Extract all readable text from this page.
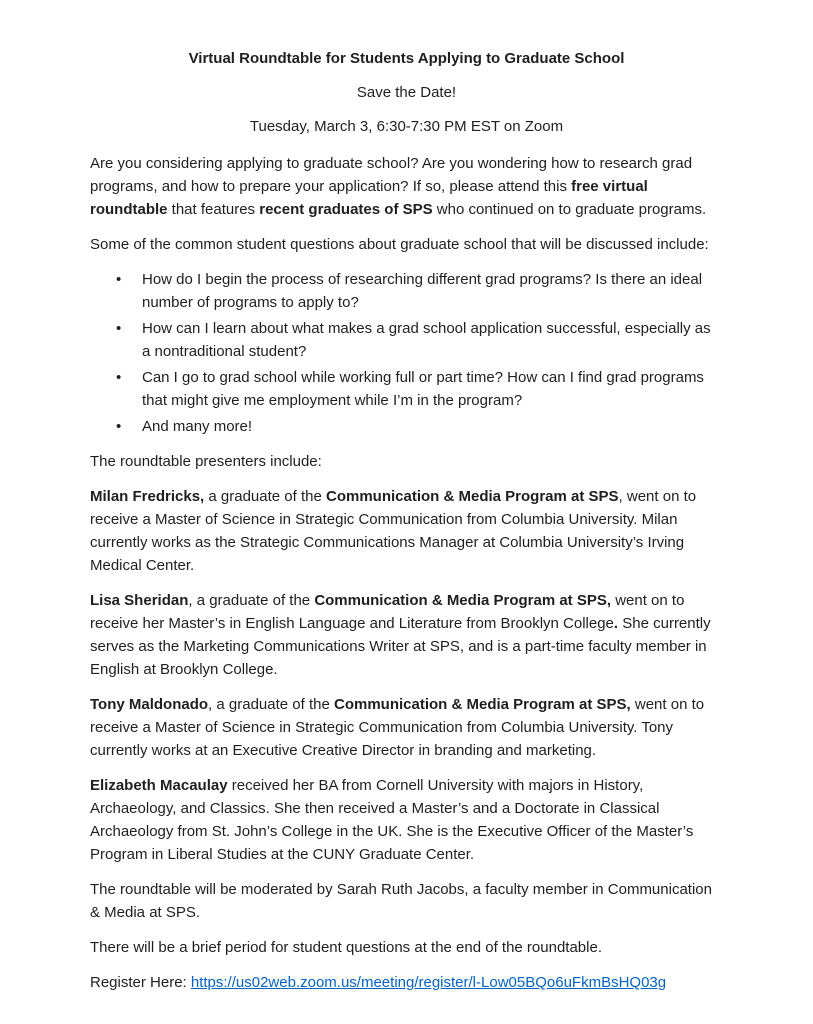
Virtual Roundtable for Students Applying to Graduate School

Save the Date!

Tuesday, March 3, 6:30-7:30 PM EST on Zoom

Are you considering applying to graduate school? Are you wondering how to research grad programs, and how to prepare your application? If so, please attend this free virtual roundtable that features recent graduates of SPS who continued on to graduate programs.

Some of the common student questions about graduate school that will be discussed include:

• How do I begin the process of researching different grad programs? Is there an ideal number of programs to apply to?
• How can I learn about what makes a grad school application successful, especially as a nontraditional student?
• Can I go to grad school while working full or part time? How can I find grad programs that might give me employment while I’m in the program?
• And many more!

The roundtable presenters include:

Milan Fredricks, a graduate of the Communication & Media Program at SPS, went on to receive a Master of Science in Strategic Communication from Columbia University. Milan currently works as the Strategic Communications Manager at Columbia University’s Irving Medical Center.

Lisa Sheridan, a graduate of the Communication & Media Program at SPS, went on to receive her Master’s in English Language and Literature from Brooklyn College. She currently serves as the Marketing Communications Writer at SPS, and is a part-time faculty member in English at Brooklyn College.

Tony Maldonado, a graduate of the Communication & Media Program at SPS, went on to receive a Master of Science in Strategic Communication from Columbia University. Tony currently works at an Executive Creative Director in branding and marketing.

Elizabeth Macaulay received her BA from Cornell University with majors in History, Archaeology, and Classics. She then received a Master’s and a Doctorate in Classical Archaeology from St. John’s College in the UK. She is the Executive Officer of the Master’s Program in Liberal Studies at the CUNY Graduate Center.

The roundtable will be moderated by Sarah Ruth Jacobs, a faculty member in Communication & Media at SPS.

There will be a brief period for student questions at the end of the roundtable.

Register Here: https://us02web.zoom.us/meeting/register/l-Low05BQo6uFkmBsHQ03g
